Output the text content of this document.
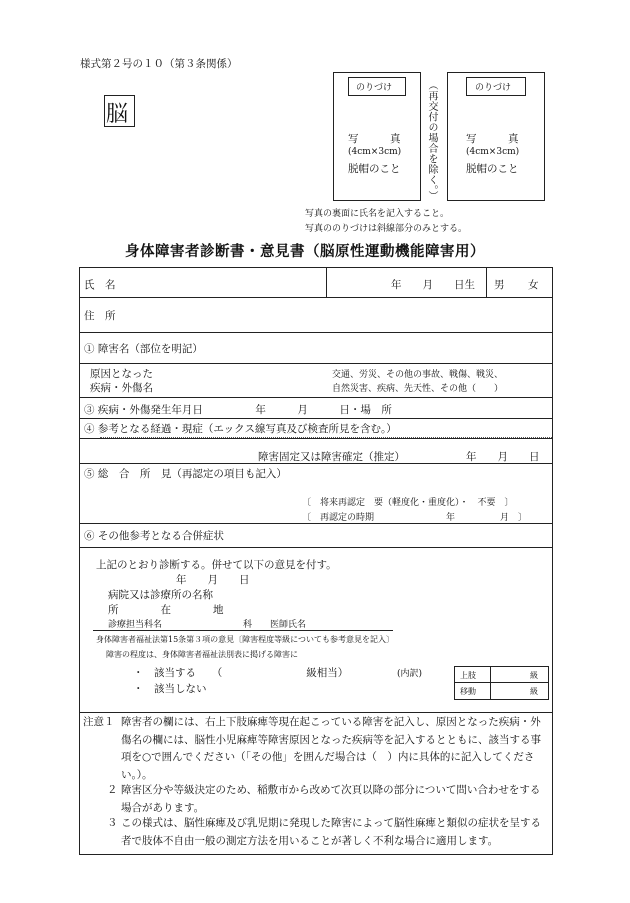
様式第２号の１０（第３条関係）
脳
のりづけ
写　　　真
(4cm×3cm)
脱帽のこと	（再交付の場合を除く。）	のりづけ
写　　　真
(4cm×3cm)
脱帽のこと
写真の裏面に氏名を記入すること。
写真ののりづけは斜線部分のみとする。
身体障害者診断書・意見書（脳原性運動機能障害用）
氏　名	年　　月　　日生 男 女
住　所
① 障害名（部位を明記）
原因となった
疾病・外傷名
交通、労災、その他の事故、戦傷、戦災、
自然災害、疾病、先天性、その他（　　）
③ 疾病・外傷発生年月日　　　　　年　　　月　　　日・場　所
④ 参考となる経過・現症（エックス線写真及び検査所見を含む。）
障害固定又は障害確定（推定）	年　　月　　日
⑤ 総　合　所　見（再認定の項目も記入）
〔　将来再認定　要（軽度化・重度化）・　不要　〕
〔　再認定の時期　　　　　　　　年　　　　　月　〕
⑥ その他参考となる合併症状
上記のとおり診断する。併せて以下の意見を付す。
年　　月　　日
病院又は診療所の名称
所　　　　在　　　　地
診療担当科名　　　　　　　　　科　　医師氏名
身体障害者福祉法第15条第３項の意見〔障害程度等級についても参考意見を記入〕
障害の程度は、身体障害者福祉法別表に掲げる障害に
・　該当する　　（　　　　　　　　級相当）
・　該当しない
(内訳)	上肢	級
移動	級
注意１ 障害者の欄には、右上下肢麻痺等現在起こっている障害を記入し、原因となった疾病・外傷名の欄には、脳性小児麻痺等障害原因となった疾病等を記入するとともに、該当する事項を○で囲んでください（「その他」を囲んだ場合は（　）内に具体的に記入してください。）。
２ 障害区分や等級決定のため、稲敷市から改めて次頁以降の部分について問い合わせをする場合があります。
３ この様式は、脳性麻痺及び乳児期に発現した障害によって脳性麻痺と類似の症状を呈する者で肢体不自由一般の測定方法を用いることが著しく不利な場合に適用します。
